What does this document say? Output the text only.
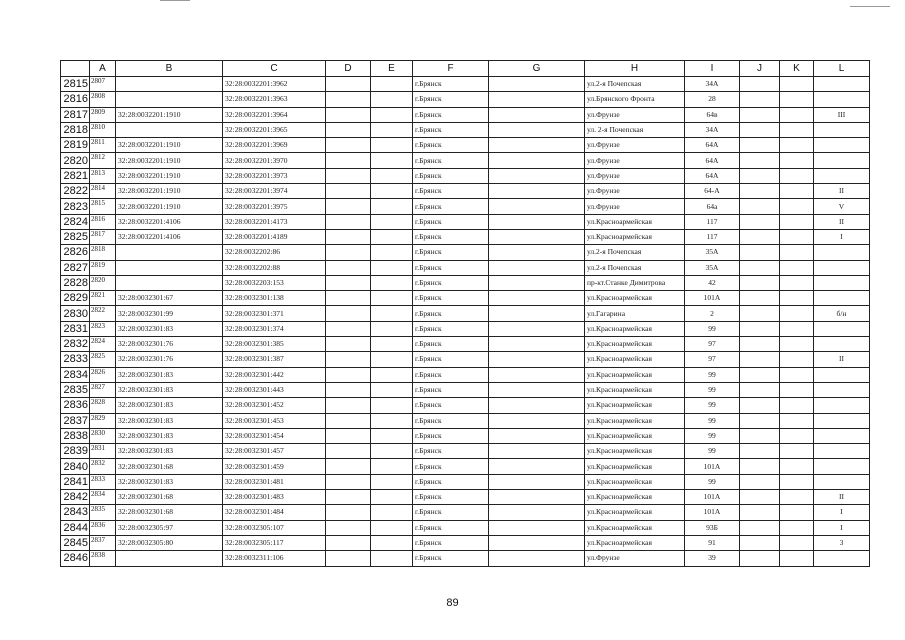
	A	B	C	D	E	F	G	H	I	J	K	L
2815	2807		32:28:0032201:3962			г.Брянск		ул.2-я Почепская	34А			
2816	2808		32:28:0032201:3963			г.Брянск		ул.Брянского Фронта	28			
2817	2809	32:28:0032201:1910	32:28:0032201:3964			г.Брянск		ул.Фрунзе	64в			III
2818	2810		32:28:0032201:3965			г.Брянск		ул. 2-я Почепская	34А			
2819	2811	32:28:0032201:1910	32:28:0032201:3969			г.Брянск		ул.Фрунзе	64А			
2820	2812	32:28:0032201:1910	32:28:0032201:3970			г.Брянск		ул.Фрунзе	64А			
2821	2813	32:28:0032201:1910	32:28:0032201:3973			г.Брянск		ул.Фрунзе	64А			
2822	2814	32:28:0032201:1910	32:28:0032201:3974			г.Брянск		ул.Фрунзе	64-А			II
2823	2815	32:28:0032201:1910	32:28:0032201:3975			г.Брянск		ул.Фрунзе	64а			V
2824	2816	32:28:0032201:4106	32:28:0032201:4173			г.Брянск		ул.Красноармейская	117			II
2825	2817	32:28:0032201:4106	32:28:0032201:4189			г.Брянск		ул.Красноармейская	117			I
2826	2818		32:28:0032202:86			г.Брянск		ул.2-я Почепская	35А			
2827	2819		32:28:0032202:88			г.Брянск		ул.2-я Почепская	35А			
2828	2820		32:28:0032203:153			г.Брянск		пр-кт.Станке Димитрова	42			
2829	2821	32:28:0032301:67	32:28:0032301:138			г.Брянск		ул.Красноармейская	101А			
2830	2822	32:28:0032301:99	32:28:0032301:371			г.Брянск		ул.Гагарина	2			б/н
2831	2823	32:28:0032301:83	32:28:0032301:374			г.Брянск		ул.Красноармейская	99			
2832	2824	32:28:0032301:76	32:28:0032301:385			г.Брянск		ул.Красноармейская	97			
2833	2825	32:28:0032301:76	32:28:0032301:387			г.Брянск		ул.Красноармейская	97			II
2834	2826	32:28:0032301:83	32:28:0032301:442			г.Брянск		ул.Красноармейская	99			
2835	2827	32:28:0032301:83	32:28:0032301:443			г.Брянск		ул.Красноармейская	99			
2836	2828	32:28:0032301:83	32:28:0032301:452			г.Брянск		ул.Красноармейская	99			
2837	2829	32:28:0032301:83	32:28:0032301:453			г.Брянск		ул.Красноармейская	99			
2838	2830	32:28:0032301:83	32:28:0032301:454			г.Брянск		ул.Красноармейская	99			
2839	2831	32:28:0032301:83	32:28:0032301:457			г.Брянск		ул.Красноармейская	99			
2840	2832	32:28:0032301:68	32:28:0032301:459			г.Брянск		ул.Красноармейская	101А			
2841	2833	32:28:0032301:83	32:28:0032301:481			г.Брянск		ул.Красноармейская	99			
2842	2834	32:28:0032301:68	32:28:0032301:483			г.Брянск		ул.Красноармейская	101А			II
2843	2835	32:28:0032301:68	32:28:0032301:484			г.Брянск		ул.Красноармейская	101А			I
2844	2836	32:28:0032305:97	32:28:0032305:107			г.Брянск		ул.Красноармейская	93Б			I
2845	2837	32:28:0032305:80	32:28:0032305:117			г.Брянск		ул.Красноармейская	91			3
2846	2838		32:28:0032311:106			г.Брянск		ул.Фрунзе	39			
89
